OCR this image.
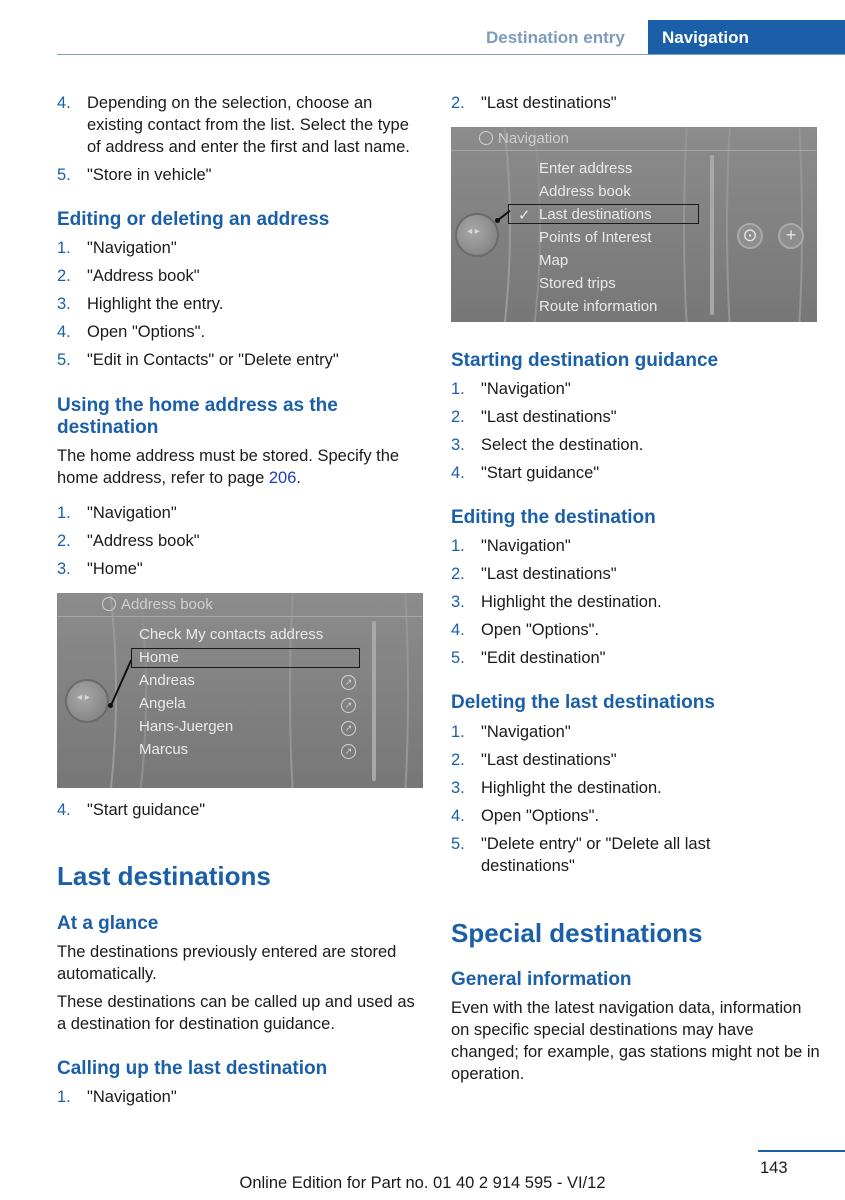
Destination entry	Navigation
4. Depending on the selection, choose an existing contact from the list. Select the type of address and enter the first and last name.
5. "Store in vehicle"
Editing or deleting an address
1. "Navigation"
2. "Address book"
3. Highlight the entry.
4. Open "Options".
5. "Edit in Contacts" or "Delete entry"
Using the home address as the destination
The home address must be stored. Specify the home address, refer to page 206.
1. "Navigation"
2. "Address book"
3. "Home"
Address book
Check My contacts address
Home
Andreas
Angela
Hans-Juergen
Marcus
↗
↗
↗
↗
◂ ▸
4. "Start guidance"
Last destinations
At a glance
The destinations previously entered are stored automatically.
These destinations can be called up and used as a destination for destination guidance.
Calling up the last destination
1. "Navigation"
2. "Last destinations"
Navigation
Enter address
Address book
✓ Last destinations
Points of Interest
Map
Stored trips
Route information
◂ ▸	⊙	+
Starting destination guidance
1. "Navigation"
2. "Last destinations"
3. Select the destination.
4. "Start guidance"
Editing the destination
1. "Navigation"
2. "Last destinations"
3. Highlight the destination.
4. Open "Options".
5. "Edit destination"
Deleting the last destinations
1. "Navigation"
2. "Last destinations"
3. Highlight the destination.
4. Open "Options".
5. "Delete entry" or "Delete all last destinations"
Special destinations
General information
Even with the latest navigation data, information on specific special destinations may have changed; for example, gas stations might not be in operation.
143
Online Edition for Part no. 01 40 2 914 595 - VI/12
